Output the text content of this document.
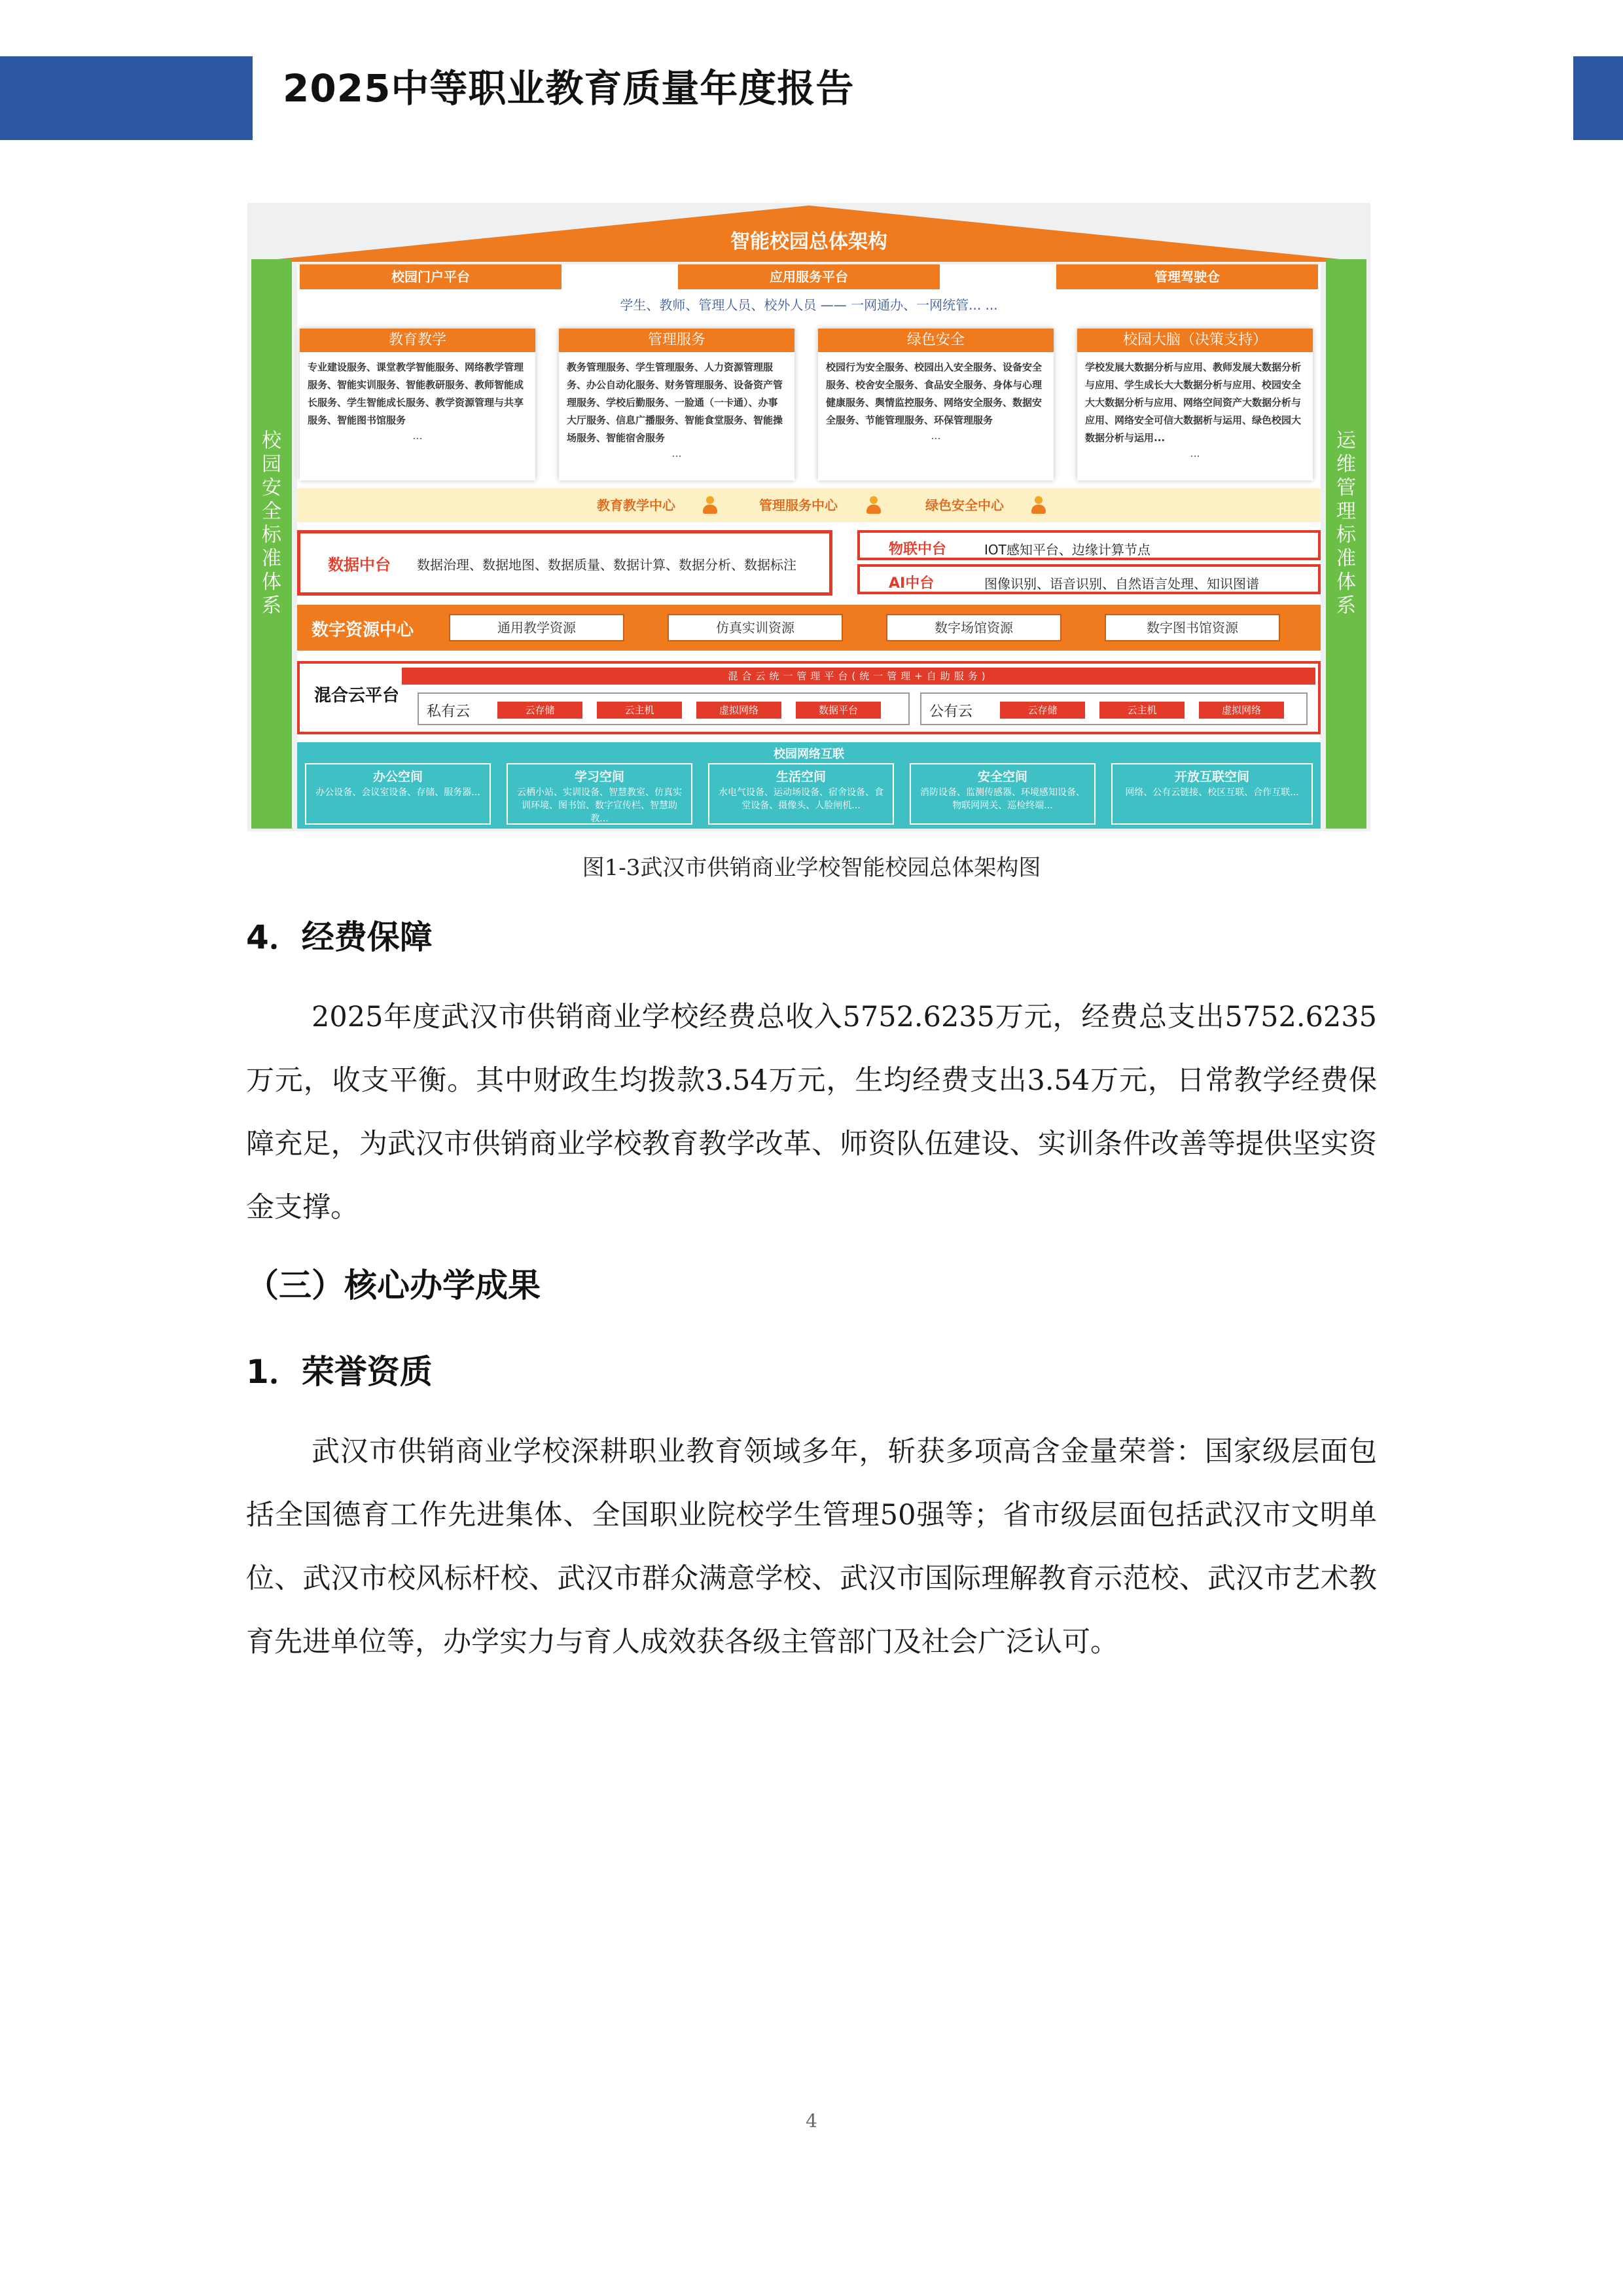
2025中等职业教育质量年度报告
智能校园总体架构
校
园
安
全
标
准
体
系
运
维
管
理
标
准
体
系
校园门户平台	应用服务平台	管理驾驶仓
学生、教师、管理人员、校外人员 —— 一网通办、一网统管... ...
教育教学
专业建设服务、课堂教学智能服务、网络教学管理服务、智能实训服务、智能教研服务、教师智能成长服务、学生智能成长服务、教学资源管理与共享服务、智能图书馆服务
...
管理服务
教务管理服务、学生管理服务、人力资源管理服务、办公自动化服务、财务管理服务、设备资产管理服务、学校后勤服务、一脸通（一卡通）、办事大厅服务、信息广播服务、智能食堂服务、智能操场服务、智能宿舍服务
...
绿色安全
校园行为安全服务、校园出入安全服务、设备安全服务、校舍安全服务、食品安全服务、身体与心理健康服务、舆情监控服务、网络安全服务、数据安全服务、节能管理服务、环保管理服务
...
校园大脑（决策支持）
学校发展大数据分析与应用、教师发展大数据分析与应用、学生成长大大数据分析与应用、校园安全大大数据分析与应用、网络空间资产大数据分析与应用、网络安全可信大数据析与运用、绿色校园大数据分析与运用...
...
教育教学中心	管理服务中心	绿色安全中心
数据中台 数据治理、数据地图、数据质量、数据计算、数据分析、数据标注
物联中台	IOT感知平台、边缘计算节点
AI中台	图像识别、语音识别、自然语言处理、知识图谱
数字资源中心	通用教学资源	仿真实训资源	数字场馆资源	数字图书馆资源
混合云平台
混合云统一管理平台(统一管理+自助服务)
私有云	云存储	云主机	虚拟网络	数据平台	公有云	云存储	云主机	虚拟网络
校园网络互联
办公空间
办公设备、会议室设备、存储、服务器...
学习空间
云栖小站、实训设备、智慧教室、仿真实训环境、图书馆、数字宣传栏、智慧助教...
生活空间
水电气设备、运动场设备、宿舍设备、食堂设备、摄像头、人脸闸机...
安全空间
消防设备、监测传感器、环境感知设备、物联网网关、巡检终端...
开放互联空间
网络、公有云链接、校区互联、合作互联...
图1-3武汉市供销商业学校智能校园总体架构图
4．经费保障
2025年度武汉市供销商业学校经费总收入5752.6235万元，经费总支出5752.6235万元，收支平衡。其中财政生均拨款3.54万元，生均经费支出3.54万元，日常教学经费保障充足，为武汉市供销商业学校教育教学改革、师资队伍建设、实训条件改善等提供坚实资金支撑。
（三）核心办学成果
1．荣誉资质
武汉市供销商业学校深耕职业教育领域多年，斩获多项高含金量荣誉：国家级层面包括全国德育工作先进集体、全国职业院校学生管理50强等；省市级层面包括武汉市文明单位、武汉市校风标杆校、武汉市群众满意学校、武汉市国际理解教育示范校、武汉市艺术教育先进单位等，办学实力与育人成效获各级主管部门及社会广泛认可。
4
